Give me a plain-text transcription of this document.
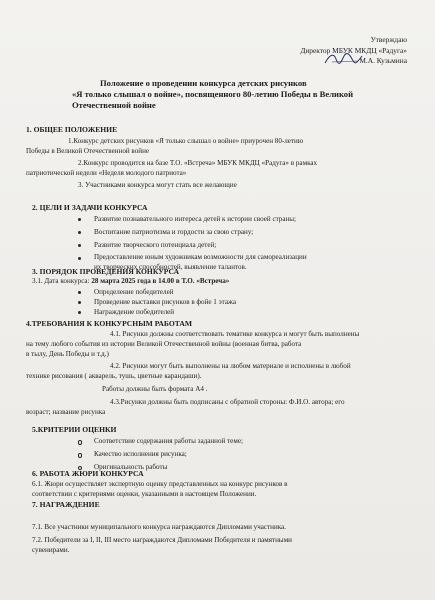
Утверждаю
Директор МБУК МКДЦ «Радуга»
М.А. Кузьмина
Положение о проведении конкурса детских рисунков
«Я только слышал о войне», посвященного 80-летию Победы в Великой
Отечественной войне
1. ОБЩЕЕ ПОЛОЖЕНИЕ
1.Конкурс детских рисунков «Я только слышал о войне» приурочен 80-летию
Победы в Великой Отечественной войне
2.Конкурс проводится на базе Т.О. «Встреча» МБУК МКДЦ «Радуга» в рамках
патриотической недели «Неделя молодого патриота»
3. Участниками конкурса могут стать все желающие
2. ЦЕЛИ И ЗАДАЧИ КОНКУРСА
Развитие познавательного интереса детей к истории своей страны;
Воспитание патриотизма и гордости за свою страну;
Развитие творческого потенциала детей;
Предоставление юным художникам возможности для самореализации
их творческих способностей, выявление талантов.
3. ПОРЯДОК ПРОВЕДЕНИЯ КОНКУРСА
3.1. Дата конкурса: 28 марта 2025 года в 14.00 в Т.О. «Встреча»
Определение победителей
Проведение выставки рисунков в фойе 1 этажа
Награждение победителей
4.ТРЕБОВАНИЯ К КОНКУРСНЫМ РАБОТАМ
4.1. Рисунки должны соответствовать тематике конкурса и могут быть выполнены
на тему любого события из истории Великой Отечественной войны (военная битва, работа
в тылу, День Победы и т.д.)
4.2. Рисунки могут быть выполнены на любом материале и исполнены в любой
технике рисования ( акварель, тушь, цветные карандаши).
Работы должны быть формата А4 .
4.3.Рисунки должны быть подписаны с обратной стороны: Ф.И.О. автора; его
возраст; название рисунка
5.КРИТЕРИИ ОЦЕНКИ
Соответствие содержания работы заданной теме;
Качество исполнения рисунка;
Оригинальность работы
6. РАБОТА ЖЮРИ КОНКУРСА
6.1. Жюри осуществляет экспертную оценку представленных на конкурс рисунков в
соответствии с критериями оценки, указанными в настоящем Положении.
7. НАГРАЖДЕНИЕ
7.1. Все участники муниципального конкурса награждаются Дипломами участника.
7.2. Победители за I, II, III место награждаются Дипломами Победителя и памятными
сувенирами.
